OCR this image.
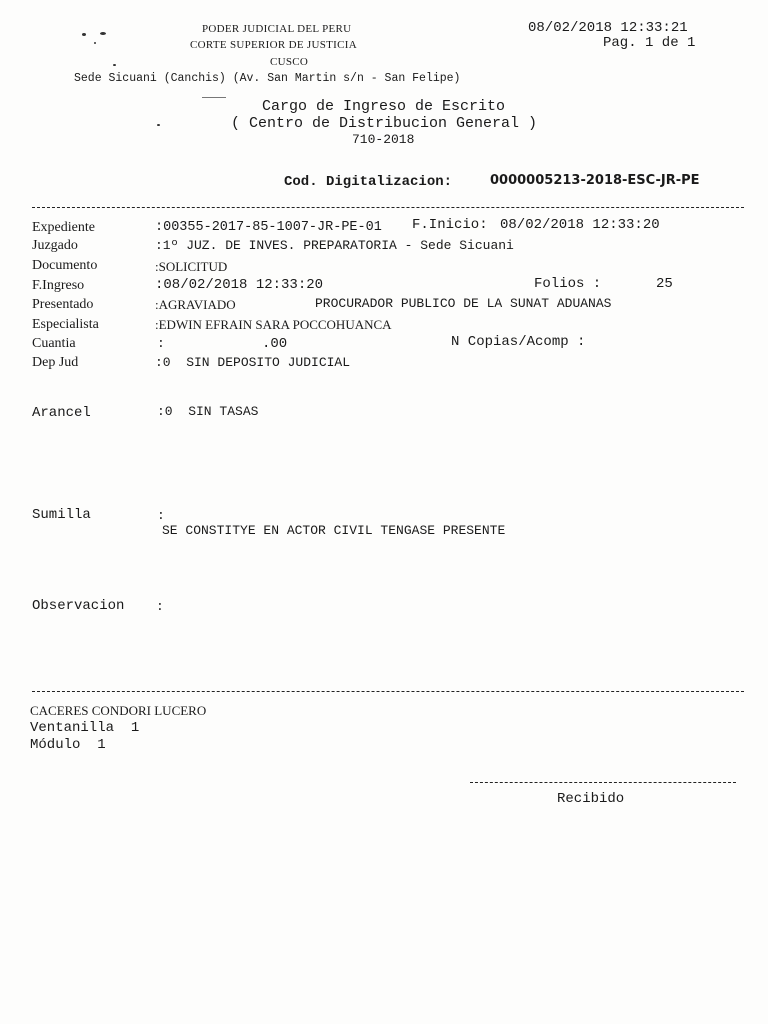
PODER JUDICIAL DEL PERU
CORTE SUPERIOR DE JUSTICIA
CUSCO
Sede Sicuani (Canchis) (Av. San Martin s/n - San Felipe)
08/02/2018 12:33:21
Pag. 1 de 1
Cargo de Ingreso de Escrito
( Centro de Distribucion General )
710-2018
Cod. Digitalizacion:	0000005213-2018-ESC-JR-PE
Expediente	:00355-2017-85-1007-JR-PE-01 F.Inicio: 08/02/2018 12:33:20
Juzgado	:1º JUZ. DE INVES. PREPARATORIA - Sede Sicuani
Documento	:SOLICITUD
F.Ingreso	:08/02/2018 12:33:20	Folios :	25
Presentado	:AGRAVIADO	PROCURADOR PUBLICO DE LA SUNAT ADUANAS
Especialista	:EDWIN EFRAIN SARA POCCOHUANCA
Cuantia	:	.00	N Copias/Acomp :
Dep Jud	:0  SIN DEPOSITO JUDICIAL
Arancel	:0  SIN TASAS
Sumilla	:
SE CONSTITYE EN ACTOR CIVIL TENGASE PRESENTE
Observacion :
CACERES CONDORI LUCERO
Ventanilla  1
Módulo  1
Recibido
